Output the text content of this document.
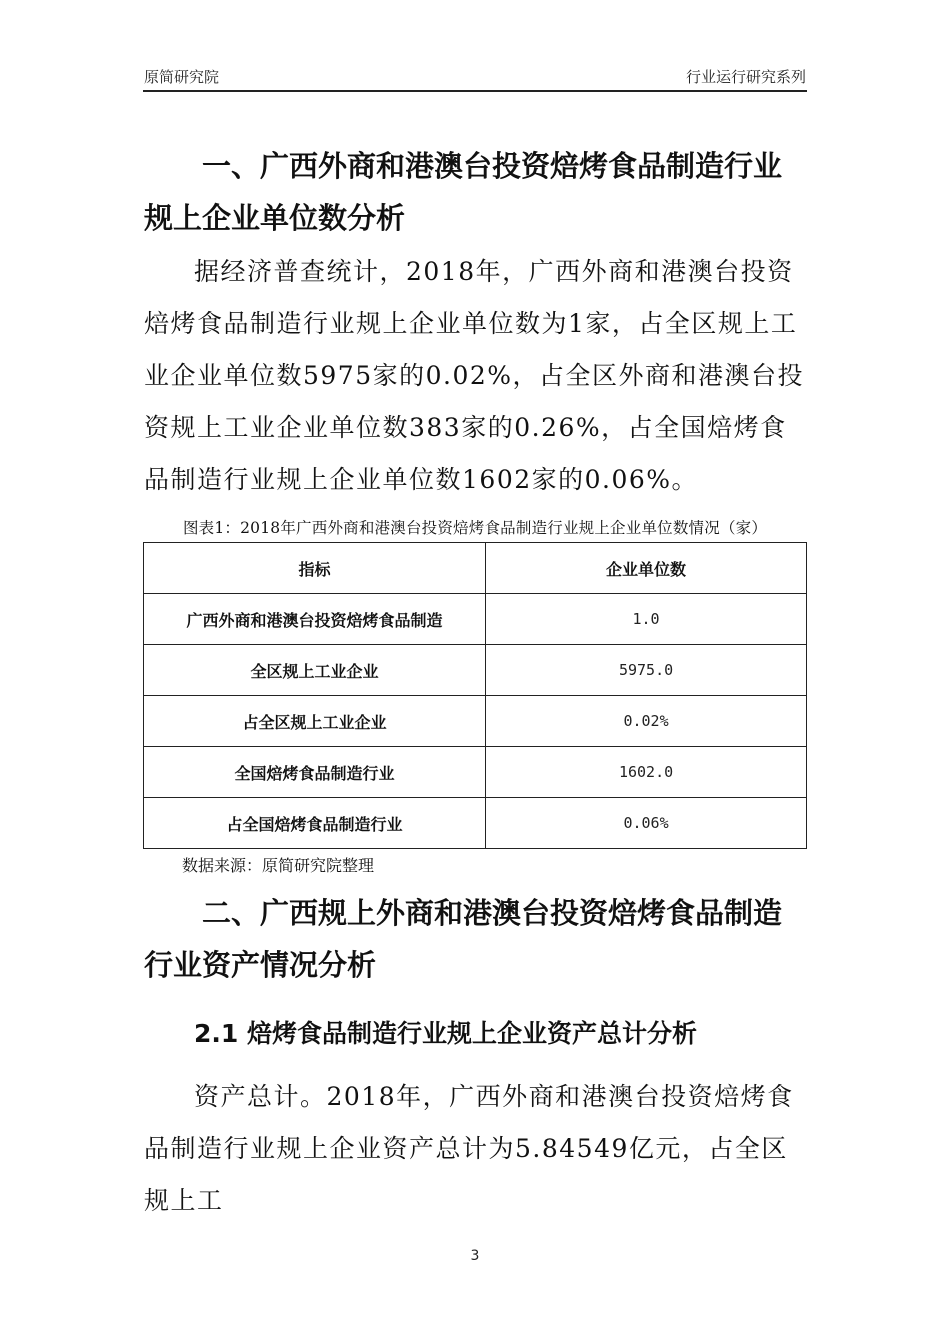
原简研究院	行业运行研究系列
一、广西外商和港澳台投资焙烤食品制造行业规上企业单位数分析

据经济普查统计，2018年，广西外商和港澳台投资焙烤食品制造行业规上企业单位数为1家，占全区规上工业企业单位数5975家的0.02%，占全区外商和港澳台投资规上工业企业单位数383家的0.26%，占全国焙烤食品制造行业规上企业单位数1602家的0.06%。

图表1：2018年广西外商和港澳台投资焙烤食品制造行业规上企业单位数情况（家）
指标	企业单位数
广西外商和港澳台投资焙烤食品制造	1.0
全区规上工业企业	5975.0
占全区规上工业企业	0.02%
全国焙烤食品制造行业	1602.0
占全国焙烤食品制造行业	0.06%
数据来源：原简研究院整理
二、广西规上外商和港澳台投资焙烤食品制造行业资产情况分析
2.1 焙烤食品制造行业规上企业资产总计分析

资产总计。2018年，广西外商和港澳台投资焙烤食品制造行业规上企业资产总计为5.84549亿元，占全区规上工

3
